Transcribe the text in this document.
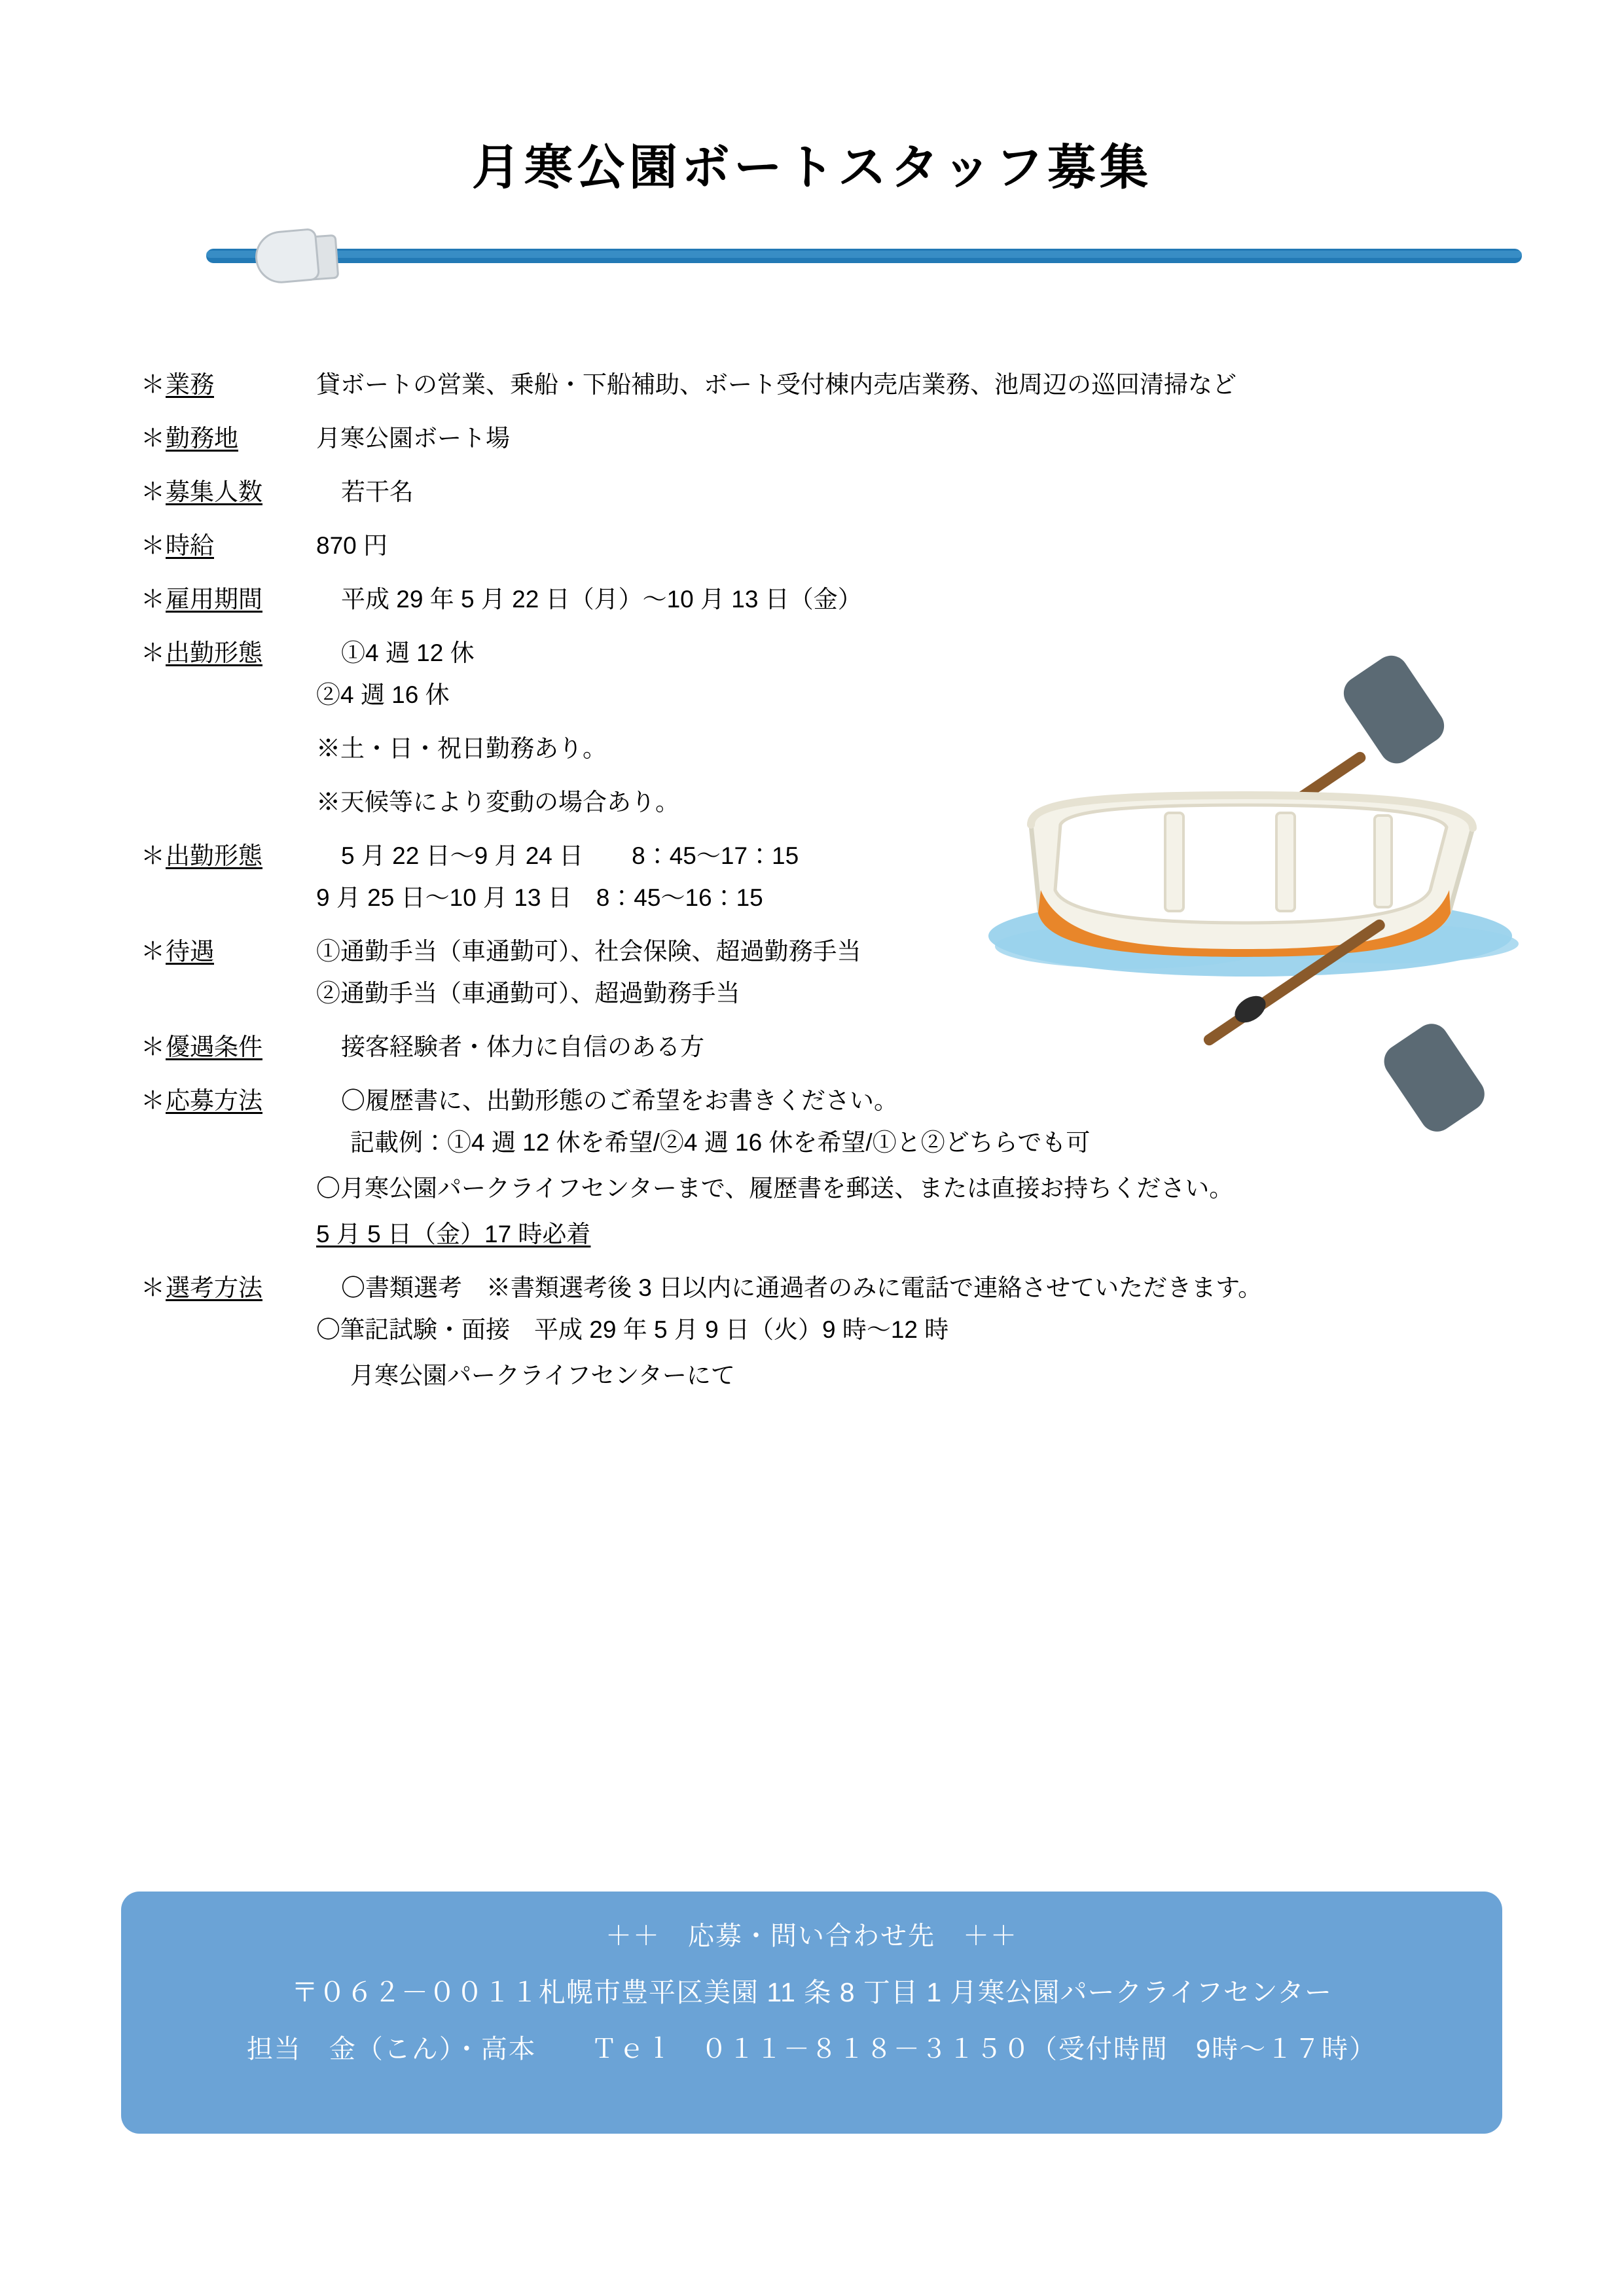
月寒公園ボートスタッフ募集
＊ 業務	貸ボートの営業、乗船・下船補助、ボート受付棟内売店業務、池周辺の巡回清掃など
＊ 勤務地	月寒公園ボート場
＊ 募集人数	若干名
＊ 時給	870 円
＊ 雇用期間	平成 29 年 5 月 22 日（月）〜10 月 13 日（金）
＊ 出勤形態	①4 週 12 休
②4 週 16 休
※土・日・祝日勤務あり。
※天候等により変動の場合あり。
＊ 出勤形態	5 月 22 日〜9 月 24 日　　8：45〜17：15
9 月 25 日〜10 月 13 日　8：45〜16：15
＊ 待遇	①通勤手当（車通勤可）、社会保険、超過勤務手当
②通勤手当（車通勤可）、超過勤務手当
＊ 優遇条件	接客経験者・体力に自信のある方
＊ 応募方法	〇履歴書に、出勤形態のご希望をお書きください。
記載例：①4 週 12 休を希望/②4 週 16 休を希望/①と②どちらでも可
〇月寒公園パークライフセンターまで、履歴書を郵送、または直接お持ちください。
5 月 5 日（金）17 時必着
＊ 選考方法	〇書類選考　※書類選考後 3 日以内に通過者のみに電話で連絡させていただきます。
〇筆記試験・面接　平成 29 年 5 月 9 日（火）9 時〜12 時
月寒公園パークライフセンターにて
＋＋　応募・問い合わせ先　＋＋
〒０６２－００１１札幌市豊平区美園 11 条 8 丁目 1 月寒公園パークライフセンター
担当　金（こん）・高本　　Ｔｅｌ　０１１－８１８－３１５０（受付時間　9時〜１７時）
